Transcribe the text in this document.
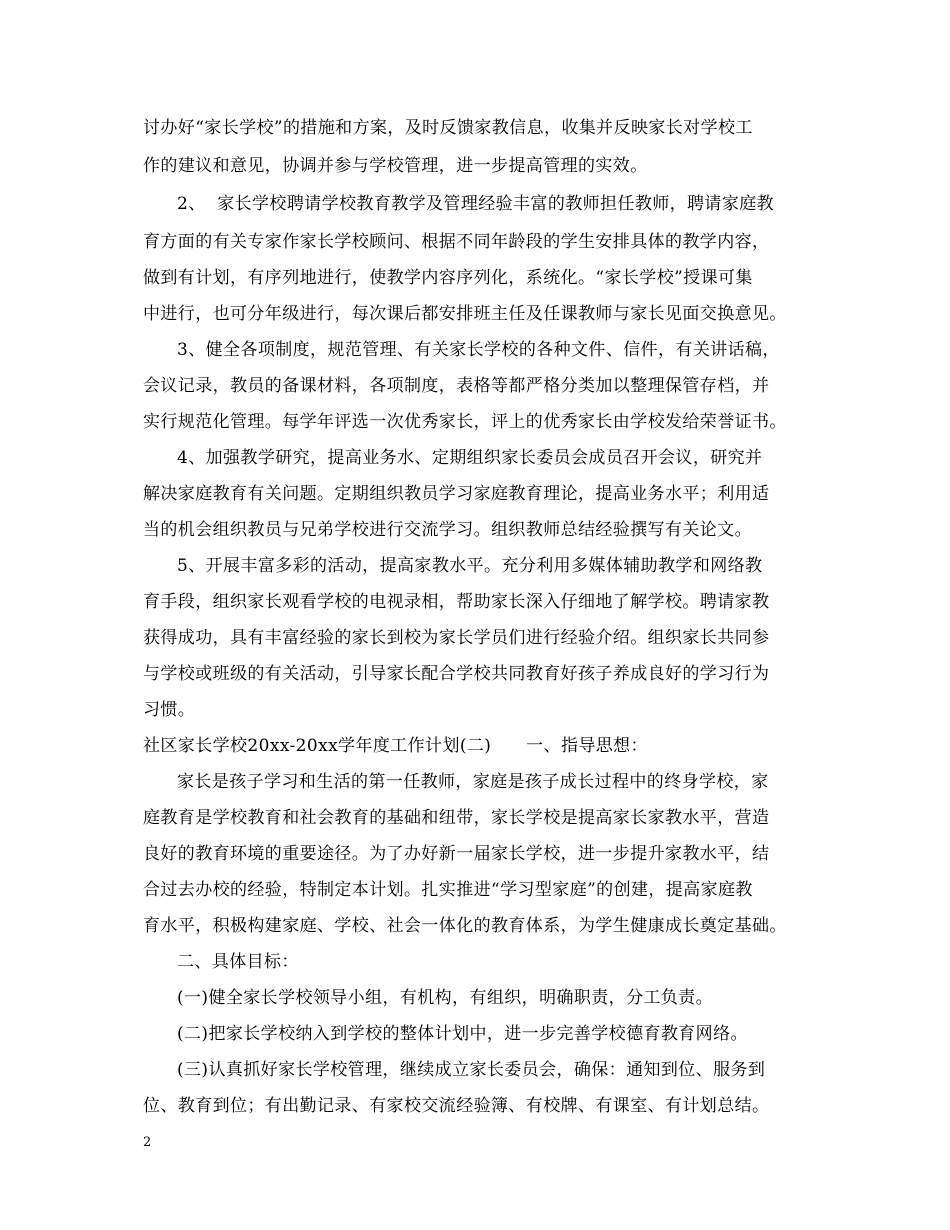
讨办好“家长学校”的措施和方案，及时反馈家教信息，收集并反映家长对学校工
作的建议和意见，协调并参与学校管理，进一步提高管理的实效。
2、  家长学校聘请学校教育教学及管理经验丰富的教师担任教师，聘请家庭教
育方面的有关专家作家长学校顾问、根据不同年龄段的学生安排具体的教学内容，
做到有计划，有序列地进行，使教学内容序列化，系统化。“家长学校”授课可集
中进行，也可分年级进行，每次课后都安排班主任及任课教师与家长见面交换意见。
3、健全各项制度，规范管理、有关家长学校的各种文件、信件，有关讲话稿，
会议记录，教员的备课材料，各项制度，表格等都严格分类加以整理保管存档，并
实行规范化管理。每学年评选一次优秀家长，评上的优秀家长由学校发给荣誉证书。
4、加强教学研究，提高业务水、定期组织家长委员会成员召开会议，研究并
解决家庭教育有关问题。定期组织教员学习家庭教育理论，提高业务水平；利用适
当的机会组织教员与兄弟学校进行交流学习。组织教师总结经验撰写有关论文。
5、开展丰富多彩的活动，提高家教水平。充分利用多媒体辅助教学和网络教
育手段，组织家长观看学校的电视录相，帮助家长深入仔细地了解学校。聘请家教
获得成功，具有丰富经验的家长到校为家长学员们进行经验介绍。组织家长共同参
与学校或班级的有关活动，引导家长配合学校共同教育好孩子养成良好的学习行为
习惯。
社区家长学校20xx-20xx学年度工作计划(二)      一、指导思想：
家长是孩子学习和生活的第一任教师，家庭是孩子成长过程中的终身学校，家
庭教育是学校教育和社会教育的基础和纽带，家长学校是提高家长家教水平，营造
良好的教育环境的重要途径。为了办好新一届家长学校，进一步提升家教水平，结
合过去办校的经验，特制定本计划。扎实推进“学习型家庭”的创建，提高家庭教
育水平，积极构建家庭、学校、社会一体化的教育体系，为学生健康成长奠定基础。
二、具体目标：
(一)健全家长学校领导小组，有机构，有组织，明确职责，分工负责。
(二)把家长学校纳入到学校的整体计划中，进一步完善学校德育教育网络。
(三)认真抓好家长学校管理，继续成立家长委员会，确保：通知到位、服务到
位、教育到位；有出勤记录、有家校交流经验簿、有校牌、有课室、有计划总结。
2
